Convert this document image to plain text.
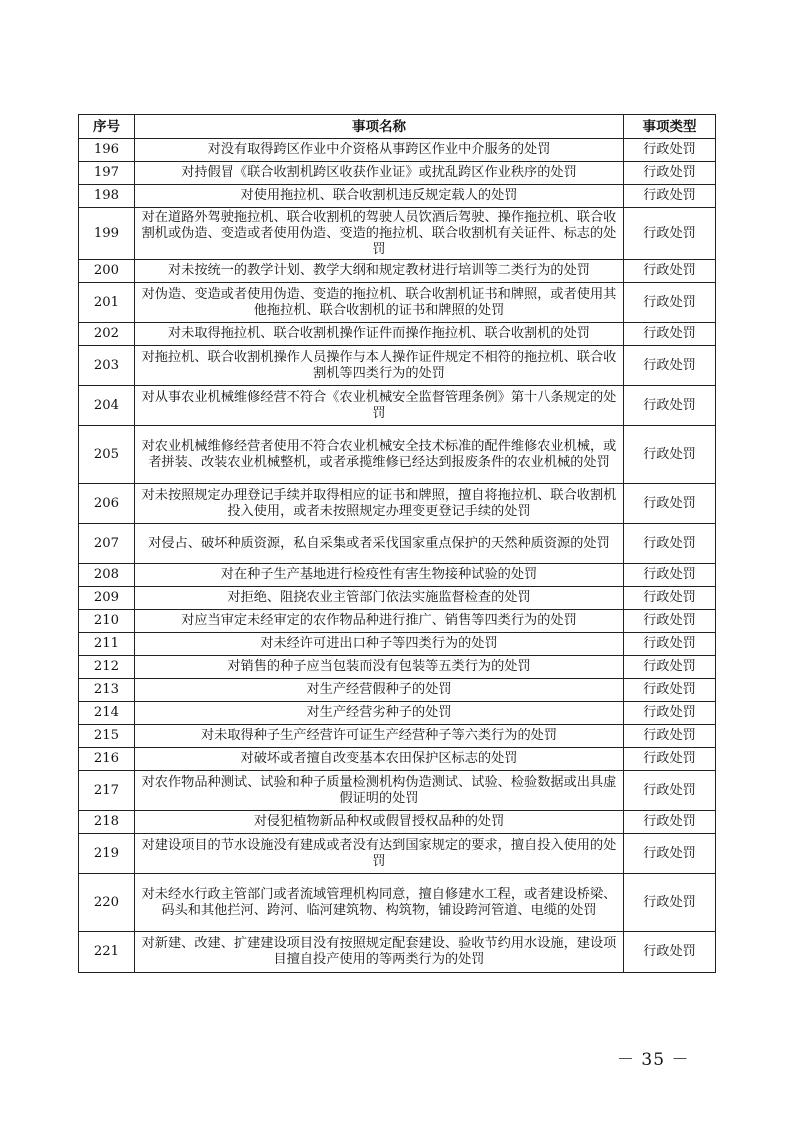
序号	事项名称	事项类型
196	对没有取得跨区作业中介资格从事跨区作业中介服务的处罚	行政处罚
197	对持假冒《联合收割机跨区收获作业证》或扰乱跨区作业秩序的处罚	行政处罚
198	对使用拖拉机、联合收割机违反规定载人的处罚	行政处罚
199	对在道路外驾驶拖拉机、联合收割机的驾驶人员饮酒后驾驶、操作拖拉机、联合收割机或伪造、变造或者使用伪造、变造的拖拉机、联合收割机有关证件、标志的处罚	行政处罚
200	对未按统一的教学计划、教学大纲和规定教材进行培训等二类行为的处罚	行政处罚
201	对伪造、变造或者使用伪造、变造的拖拉机、联合收割机证书和牌照，或者使用其他拖拉机、联合收割机的证书和牌照的处罚	行政处罚
202	对未取得拖拉机、联合收割机操作证件而操作拖拉机、联合收割机的处罚	行政处罚
203	对拖拉机、联合收割机操作人员操作与本人操作证件规定不相符的拖拉机、联合收割机等四类行为的处罚	行政处罚
204	对从事农业机械维修经营不符合《农业机械安全监督管理条例》第十八条规定的处罚	行政处罚
205	对农业机械维修经营者使用不符合农业机械安全技术标准的配件维修农业机械，或者拼装、改装农业机械整机，或者承揽维修已经达到报废条件的农业机械的处罚	行政处罚
206	对未按照规定办理登记手续并取得相应的证书和牌照，擅自将拖拉机、联合收割机投入使用，或者未按照规定办理变更登记手续的处罚	行政处罚
207	对侵占、破坏种质资源，私自采集或者采伐国家重点保护的天然种质资源的处罚	行政处罚
208	对在种子生产基地进行检疫性有害生物接种试验的处罚	行政处罚
209	对拒绝、阻挠农业主管部门依法实施监督检查的处罚	行政处罚
210	对应当审定未经审定的农作物品种进行推广、销售等四类行为的处罚	行政处罚
211	对未经许可进出口种子等四类行为的处罚	行政处罚
212	对销售的种子应当包装而没有包装等五类行为的处罚	行政处罚
213	对生产经营假种子的处罚	行政处罚
214	对生产经营劣种子的处罚	行政处罚
215	对未取得种子生产经营许可证生产经营种子等六类行为的处罚	行政处罚
216	对破坏或者擅自改变基本农田保护区标志的处罚	行政处罚
217	对农作物品种测试、试验和种子质量检测机构伪造测试、试验、检验数据或出具虚假证明的处罚	行政处罚
218	对侵犯植物新品种权或假冒授权品种的处罚	行政处罚
219	对建设项目的节水设施没有建成或者没有达到国家规定的要求，擅自投入使用的处罚	行政处罚
220	对未经水行政主管部门或者流域管理机构同意，擅自修建水工程，或者建设桥梁、码头和其他拦河、跨河、临河建筑物、构筑物，铺设跨河管道、电缆的处罚	行政处罚
221	对新建、改建、扩建建设项目没有按照规定配套建设、验收节约用水设施，建设项目擅自投产使用的等两类行为的处罚	行政处罚
－ 35 －
